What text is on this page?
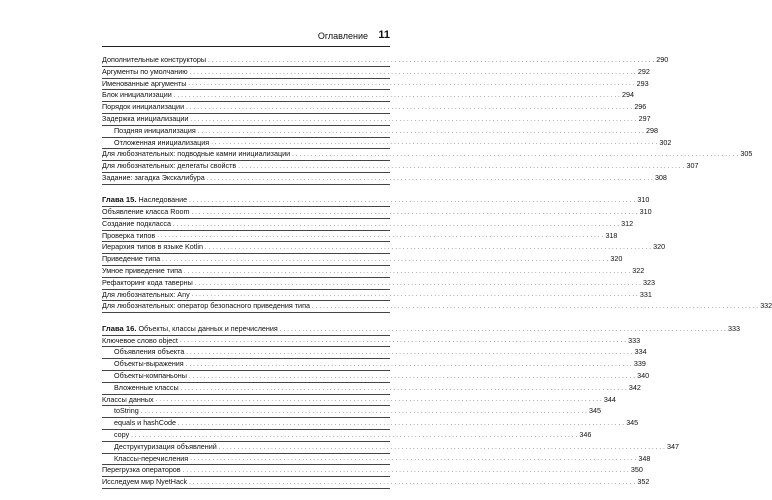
Оглавление 11
Дополнительные конструкторы . . . . . . . . . . . . . . . . . . . . . . . . . . . . . . . . . . . . . . . . . . . . . . . . . . . . . . . . . . . . . . . . . . . . . . . . . . . . . . . . . . . . . . . . . . . . . . . . . . . . . . . . . . . . . . . . . . . . . . . . 290
Аргументы по умолчанию . . . . . . . . . . . . . . . . . . . . . . . . . . . . . . . . . . . . . . . . . . . . . . . . . . . . . . . . . . . . . . . . . . . . . . . . . . . . . . . . . . . . . . . . . . . . . . . . . . . . . . . . . . . . . . . . . . . . . . . . 292
Именованные аргументы . . . . . . . . . . . . . . . . . . . . . . . . . . . . . . . . . . . . . . . . . . . . . . . . . . . . . . . . . . . . . . . . . . . . . . . . . . . . . . . . . . . . . . . . . . . . . . . . . . . . . . . . . . . . . . . . . . . . . . . . 293
Блок инициализации . . . . . . . . . . . . . . . . . . . . . . . . . . . . . . . . . . . . . . . . . . . . . . . . . . . . . . . . . . . . . . . . . . . . . . . . . . . . . . . . . . . . . . . . . . . . . . . . . . . . . . . . . . . . . . . . . . . . . . . . 294
Порядок инициализации . . . . . . . . . . . . . . . . . . . . . . . . . . . . . . . . . . . . . . . . . . . . . . . . . . . . . . . . . . . . . . . . . . . . . . . . . . . . . . . . . . . . . . . . . . . . . . . . . . . . . . . . . . . . . . . . . . . . . . . . 296
Задержка инициализации . . . . . . . . . . . . . . . . . . . . . . . . . . . . . . . . . . . . . . . . . . . . . . . . . . . . . . . . . . . . . . . . . . . . . . . . . . . . . . . . . . . . . . . . . . . . . . . . . . . . . . . . . . . . . . . . . . . . . . . . 297
Поздняя инициализация . . . . . . . . . . . . . . . . . . . . . . . . . . . . . . . . . . . . . . . . . . . . . . . . . . . . . . . . . . . . . . . . . . . . . . . . . . . . . . . . . . . . . . . . . . . . . . . . . . . . . . . . . . . . . . . . . . . . . . . . 298
Отложенная инициализация . . . . . . . . . . . . . . . . . . . . . . . . . . . . . . . . . . . . . . . . . . . . . . . . . . . . . . . . . . . . . . . . . . . . . . . . . . . . . . . . . . . . . . . . . . . . . . . . . . . . . . . . . . . . . . . . . . . . . . . . 302
Для любознательных: подводные камни инициализации . . . . . . . . . . . . . . . . . . . . . . . . . . . . . . . . . . . . . . . . . . . . . . . . . . . . . . . . . . . . . . . . . . . . . . . . . . . . . . . . . . . . . . . . . . . . . . . . . . . . . . . . . . . . . . . . . . . . . . . . 305
Для любознательных: делегаты свойств . . . . . . . . . . . . . . . . . . . . . . . . . . . . . . . . . . . . . . . . . . . . . . . . . . . . . . . . . . . . . . . . . . . . . . . . . . . . . . . . . . . . . . . . . . . . . . . . . . . . . . . . . . . . . . . . . . . . . . . . 307
Задание: загадка Экскалибура . . . . . . . . . . . . . . . . . . . . . . . . . . . . . . . . . . . . . . . . . . . . . . . . . . . . . . . . . . . . . . . . . . . . . . . . . . . . . . . . . . . . . . . . . . . . . . . . . . . . . . . . . . . . . . . . . . . . . . . . 308
Глава 15. Наследование . . . . . . . . . . . . . . . . . . . . . . . . . . . . . . . . . . . . . . . . . . . . . . . . . . . . . . . . . . . . . . . . . . . . . . . . . . . . . . . . . . . . . . . . . . . . . . . . . . . . . . . . . . . . . . . . . . . . . . . . 310
Объявление класса Room . . . . . . . . . . . . . . . . . . . . . . . . . . . . . . . . . . . . . . . . . . . . . . . . . . . . . . . . . . . . . . . . . . . . . . . . . . . . . . . . . . . . . . . . . . . . . . . . . . . . . . . . . . . . . . . . . . . . . . . . 310
Создание подкласса . . . . . . . . . . . . . . . . . . . . . . . . . . . . . . . . . . . . . . . . . . . . . . . . . . . . . . . . . . . . . . . . . . . . . . . . . . . . . . . . . . . . . . . . . . . . . . . . . . . . . . . . . . . . . . . . . . . . . . . . 312
Проверка типов . . . . . . . . . . . . . . . . . . . . . . . . . . . . . . . . . . . . . . . . . . . . . . . . . . . . . . . . . . . . . . . . . . . . . . . . . . . . . . . . . . . . . . . . . . . . . . . . . . . . . . . . . . . . . . . . . . . . . . . . 318
Иерархия типов в языке Kotlin . . . . . . . . . . . . . . . . . . . . . . . . . . . . . . . . . . . . . . . . . . . . . . . . . . . . . . . . . . . . . . . . . . . . . . . . . . . . . . . . . . . . . . . . . . . . . . . . . . . . . . . . . . . . . . . . . . . . . . . . 320
Приведение типа . . . . . . . . . . . . . . . . . . . . . . . . . . . . . . . . . . . . . . . . . . . . . . . . . . . . . . . . . . . . . . . . . . . . . . . . . . . . . . . . . . . . . . . . . . . . . . . . . . . . . . . . . . . . . . . . . . . . . . . . 320
Умное приведение типа . . . . . . . . . . . . . . . . . . . . . . . . . . . . . . . . . . . . . . . . . . . . . . . . . . . . . . . . . . . . . . . . . . . . . . . . . . . . . . . . . . . . . . . . . . . . . . . . . . . . . . . . . . . . . . . . . . . . . . . . 322
Рефакторинг кода таверны . . . . . . . . . . . . . . . . . . . . . . . . . . . . . . . . . . . . . . . . . . . . . . . . . . . . . . . . . . . . . . . . . . . . . . . . . . . . . . . . . . . . . . . . . . . . . . . . . . . . . . . . . . . . . . . . . . . . . . . . 323
Для любознательных: Any . . . . . . . . . . . . . . . . . . . . . . . . . . . . . . . . . . . . . . . . . . . . . . . . . . . . . . . . . . . . . . . . . . . . . . . . . . . . . . . . . . . . . . . . . . . . . . . . . . . . . . . . . . . . . . . . . . . . . . . . 331
Для любознательных: оператор безопасного приведения типа . . . . . . . . . . . . . . . . . . . . . . . . . . . . . . . . . . . . . . . . . . . . . . . . . . . . . . . . . . . . . . . . . . . . . . . . . . . . . . . . . . . . . . . . . . . . . . . . . . . . . . . . . . . . . . . . . . . . . . . . 332
Глава 16. Объекты, классы данных и перечисления . . . . . . . . . . . . . . . . . . . . . . . . . . . . . . . . . . . . . . . . . . . . . . . . . . . . . . . . . . . . . . . . . . . . . . . . . . . . . . . . . . . . . . . . . . . . . . . . . . . . . . . . . . . . . . . . . . . . . . . . 333
Ключевое слово object . . . . . . . . . . . . . . . . . . . . . . . . . . . . . . . . . . . . . . . . . . . . . . . . . . . . . . . . . . . . . . . . . . . . . . . . . . . . . . . . . . . . . . . . . . . . . . . . . . . . . . . . . . . . . . . . . . . . . . . . 333
Объявления объекта . . . . . . . . . . . . . . . . . . . . . . . . . . . . . . . . . . . . . . . . . . . . . . . . . . . . . . . . . . . . . . . . . . . . . . . . . . . . . . . . . . . . . . . . . . . . . . . . . . . . . . . . . . . . . . . . . . . . . . . . 334
Объекты-выражения . . . . . . . . . . . . . . . . . . . . . . . . . . . . . . . . . . . . . . . . . . . . . . . . . . . . . . . . . . . . . . . . . . . . . . . . . . . . . . . . . . . . . . . . . . . . . . . . . . . . . . . . . . . . . . . . . . . . . . . . 339
Объекты-компаньоны . . . . . . . . . . . . . . . . . . . . . . . . . . . . . . . . . . . . . . . . . . . . . . . . . . . . . . . . . . . . . . . . . . . . . . . . . . . . . . . . . . . . . . . . . . . . . . . . . . . . . . . . . . . . . . . . . . . . . . . . 340
Вложенные классы . . . . . . . . . . . . . . . . . . . . . . . . . . . . . . . . . . . . . . . . . . . . . . . . . . . . . . . . . . . . . . . . . . . . . . . . . . . . . . . . . . . . . . . . . . . . . . . . . . . . . . . . . . . . . . . . . . . . . . . . 342
Классы данных . . . . . . . . . . . . . . . . . . . . . . . . . . . . . . . . . . . . . . . . . . . . . . . . . . . . . . . . . . . . . . . . . . . . . . . . . . . . . . . . . . . . . . . . . . . . . . . . . . . . . . . . . . . . . . . . . . . . . . . . 344
toString . . . . . . . . . . . . . . . . . . . . . . . . . . . . . . . . . . . . . . . . . . . . . . . . . . . . . . . . . . . . . . . . . . . . . . . . . . . . . . . . . . . . . . . . . . . . . . . . . . . . . . . . . . . . . . . . . . . . . . . . 345
equals и hashCode . . . . . . . . . . . . . . . . . . . . . . . . . . . . . . . . . . . . . . . . . . . . . . . . . . . . . . . . . . . . . . . . . . . . . . . . . . . . . . . . . . . . . . . . . . . . . . . . . . . . . . . . . . . . . . . . . . . . . . . . 345
copy . . . . . . . . . . . . . . . . . . . . . . . . . . . . . . . . . . . . . . . . . . . . . . . . . . . . . . . . . . . . . . . . . . . . . . . . . . . . . . . . . . . . . . . . . . . . . . . . . . . . . . . . . . . . . . . . . . . . . . . . 346
Деструктуризация объявлений . . . . . . . . . . . . . . . . . . . . . . . . . . . . . . . . . . . . . . . . . . . . . . . . . . . . . . . . . . . . . . . . . . . . . . . . . . . . . . . . . . . . . . . . . . . . . . . . . . . . . . . . . . . . . . . . . . . . . . . . 347
Классы-перечисления . . . . . . . . . . . . . . . . . . . . . . . . . . . . . . . . . . . . . . . . . . . . . . . . . . . . . . . . . . . . . . . . . . . . . . . . . . . . . . . . . . . . . . . . . . . . . . . . . . . . . . . . . . . . . . . . . . . . . . . . 348
Перегрузка операторов . . . . . . . . . . . . . . . . . . . . . . . . . . . . . . . . . . . . . . . . . . . . . . . . . . . . . . . . . . . . . . . . . . . . . . . . . . . . . . . . . . . . . . . . . . . . . . . . . . . . . . . . . . . . . . . . . . . . . . . . 350
Исследуем мир NyetHack . . . . . . . . . . . . . . . . . . . . . . . . . . . . . . . . . . . . . . . . . . . . . . . . . . . . . . . . . . . . . . . . . . . . . . . . . . . . . . . . . . . . . . . . . . . . . . . . . . . . . . . . . . . . . . . . . . . . . . . . 352
